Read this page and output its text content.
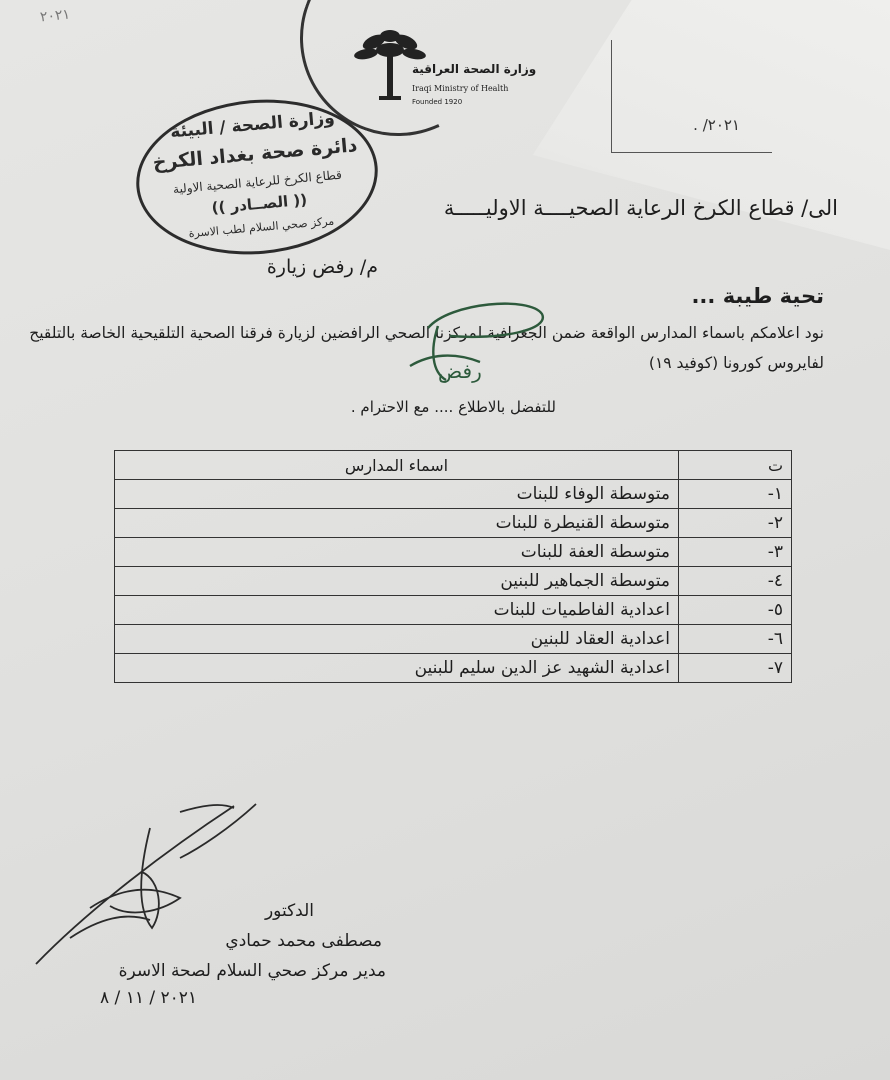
٢٠٢١
٢٠٢١/ .
وزارة الصحة العراقية
Iraqi Ministry of Health
Founded 1920
وزارة الصحة / البيئة
دائرة صحة بغداد الكرخ
قطاع الكرخ للرعاية الصحية الاولية
(( الصــادر ))
مركز صحي السلام لطب الاسرة
الى/ قطاع الكرخ الرعاية الصحيــــة الاوليـــــة
م/ رفض زيارة
تحية طيبة ...
نود اعلامكم باسماء المدارس الواقعة ضمن الجغرافية لمركزنا الصحي الرافضين لزيارة فرقنا الصحية التلقيحية الخاصة بالتلقيح لفايروس كورونا (كوفيد ١٩)
رفض
للتفضل بالاطلاع .... مع الاحترام .
ت	اسماء المدارس
١-	متوسطة الوفاء للبنات
٢-	متوسطة القنيطرة للبنات
٣-	متوسطة العفة للبنات
٤-	متوسطة الجماهير للبنين
٥-	اعدادية الفاطميات للبنات
٦-	اعدادية العقاد للبنين
٧-	اعدادية الشهيد عز الدين سليم للبنين
الدكتور
مصطفى محمد حمادي
مدير مركز صحي السلام لصحة الاسرة
٢٠٢١ / ١١ / ٨
